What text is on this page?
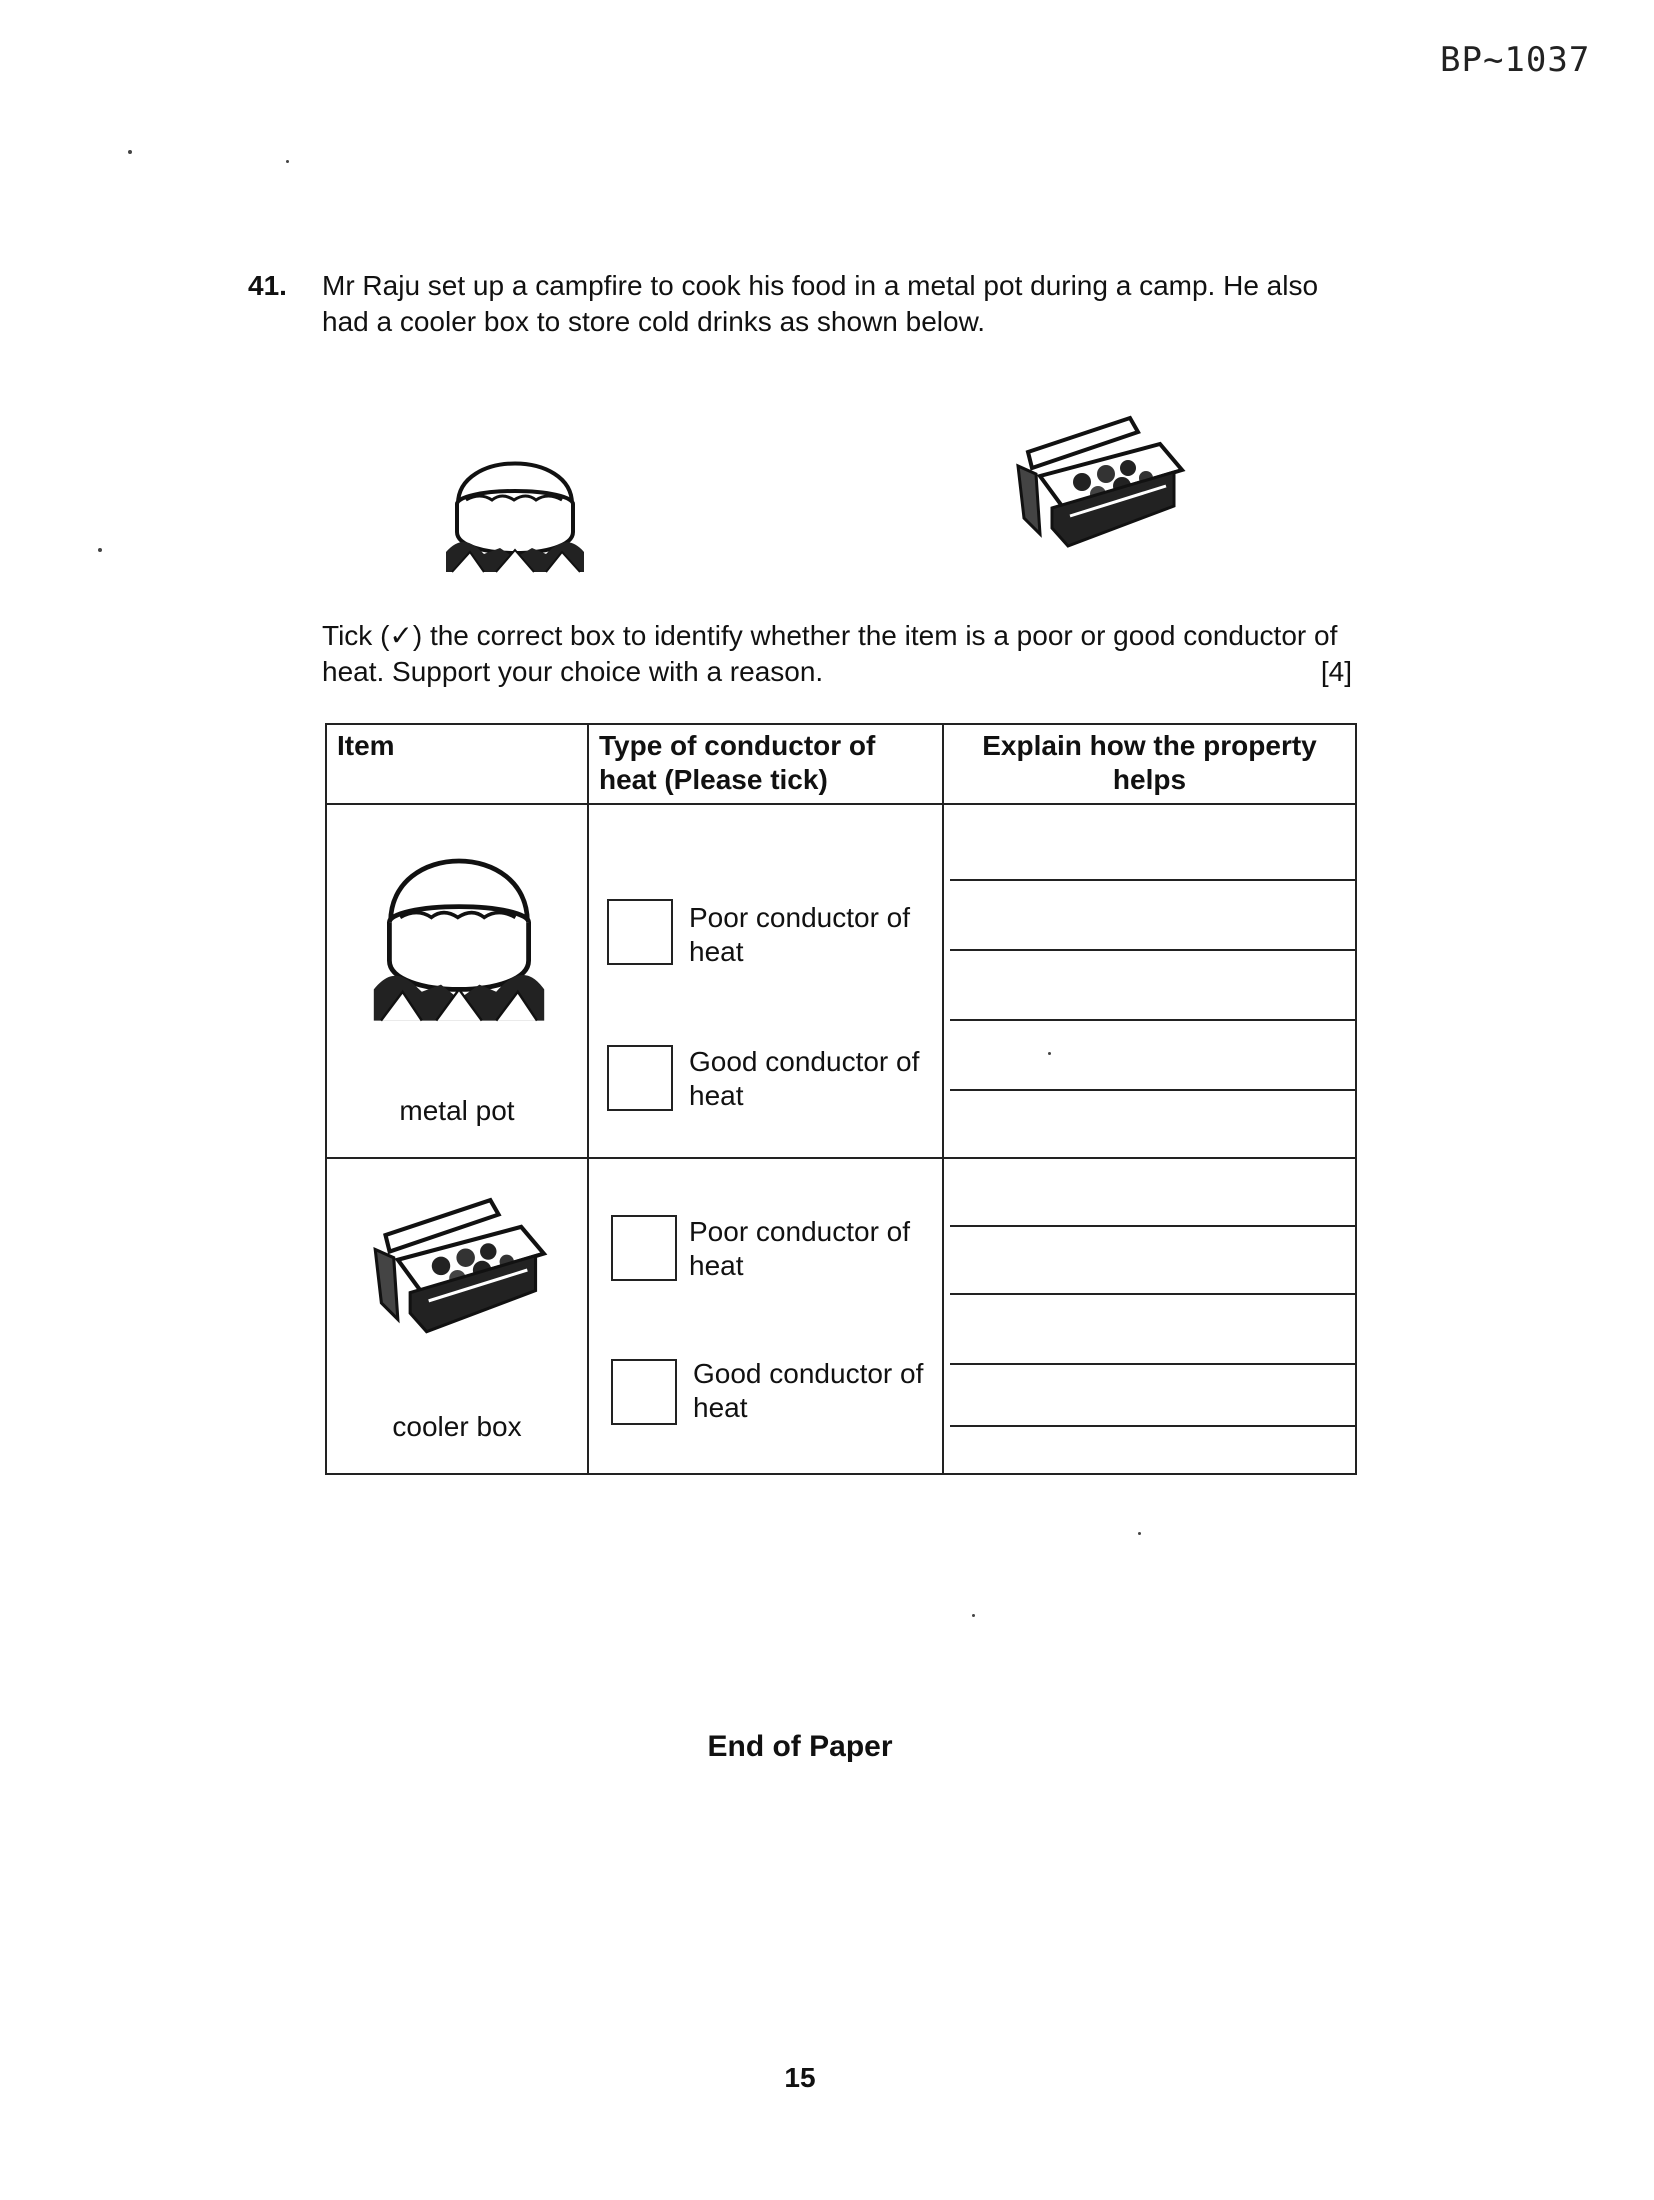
BP~1037
41. Mr Raju set up a campfire to cook his food in a metal pot during a camp. He also had a cooler box to store cold drinks as shown below.
Tick (✓) the correct box to identify whether the item is a poor or good conductor of heat. Support your choice with a reason.	[4]
Item	Type of conductor of heat (Please tick)	Explain how the property helps

metal pot	Poor conductor of heat
Good conductor of heat	

cooler box	Poor conductor of heat
Good conductor of heat	

End of Paper
15
